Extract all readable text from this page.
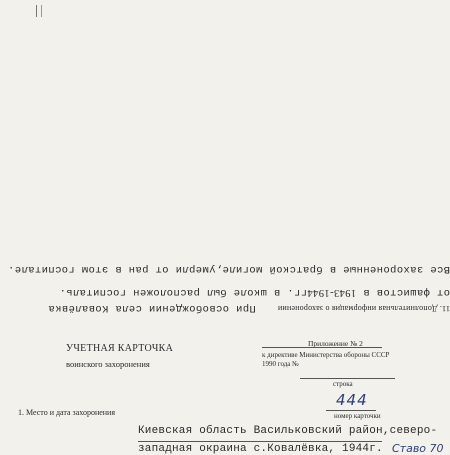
11. Дополнительная информация о захоронении          При освобождении села Ковалёвка
от фашистов в 1943-1944гг. в школе был расположен госпиталь.
Все захороненные в братской могиле,умерли от ран в этом госпитале.
УЧЕТНАЯ КАРТОЧКА
воинского захоронения
Приложение № 2
к директиве Министерства обороны СССР
1990 года №
строка
444
номер карточки
1. Место и дата захоронения
Киевская область Васильковский район,северо-
западная окраина с.Ковалёвка, 1944г. Ставо 70
